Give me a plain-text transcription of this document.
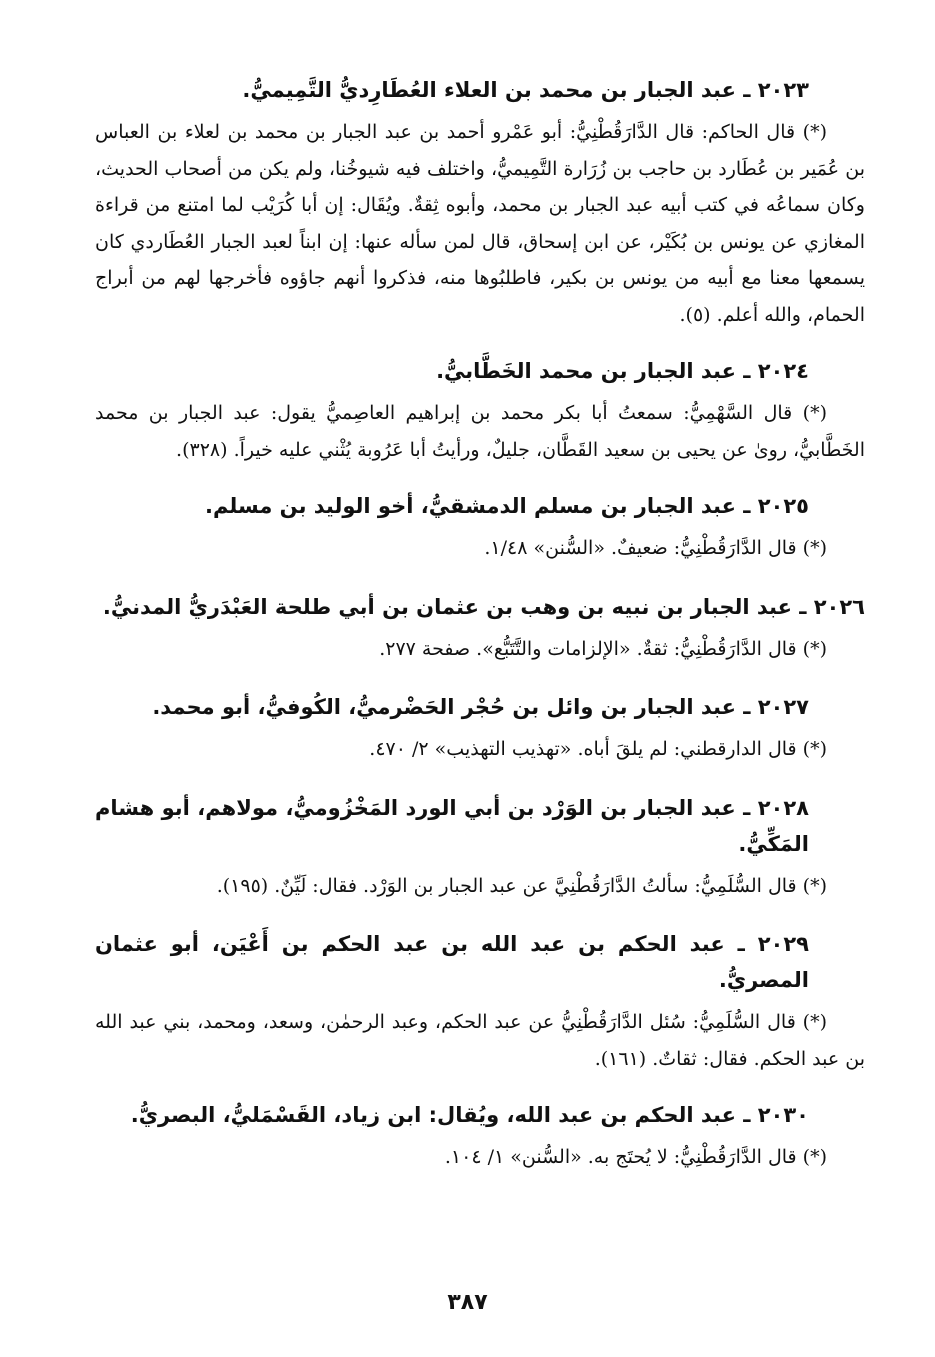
٢٠٢٣ ـ عبد الجبار بن محمد بن العلاء العُطَارِديُّ التَّمِيميُّ.

(*) قال الحاكم: قال الدَّارَقُطْنِيُّ: أبو عَمْرو أحمد بن عبد الجبار بن محمد بن لعلاء بن العباس بن عُمَير بن عُطَارد بن حاجب بن زُرَارة التَّمِيميُّ، واختلف فيه شيوخُنا، ولم يكن من أصحاب الحديث، وكان سماعُه في كتب أبيه عبد الجبار بن محمد، وأبوه ثِقةٌ. ويُقَال: إن أبا كُرَيْب لما امتنع من قراءة المغازي عن يونس بن بُكَيْر، عن ابن إسحاق، قال لمن سأله عنها: إن ابناً لعبد الجبار العُطَاردي كان يسمعها معنا مع أبيه من يونس بن بكير، فاطلبُوها منه، فذكروا أنهم جاؤوه فأخرجها لهم من أبراج الحمام، والله أعلم. (٥).

٢٠٢٤ ـ عبد الجبار بن محمد الخَطَّابيُّ.

(*) قال السَّهْمِيُّ: سمعتُ أبا بكر محمد بن إبراهيم العاصِميُّ يقول: عبد الجبار بن محمد الخَطَّابيُّ، روىٰ عن يحيى بن سعيد القَطَّان، جليلٌ، ورأيتُ أبا عَرُوبة يُثْني عليه خيراً. (٣٢٨).

٢٠٢٥ ـ عبد الجبار بن مسلم الدمشقيُّ، أخو الوليد بن مسلم.

(*) قال الدَّارَقُطْنِيُّ: ضعيفٌ. «السُّنن» ١/٤٨.

٢٠٢٦ ـ عبد الجبار بن نبيه بن وهب بن عثمان بن أبي طلحة العَبْدَريُّ المدنيُّ.

(*) قال الدَّارَقُطْنِيُّ: ثقةٌ. «الإلزامات والتَّتَبُّع». صفحة ٢٧٧.

٢٠٢٧ ـ عبد الجبار بن وائل بن حُجْر الحَضْرميُّ، الكُوفيُّ، أبو محمد.

(*) قال الدارقطني: لم يلقَ أباه. «تهذيب التهذيب» ٢/ ٤٧٠.

٢٠٢٨ ـ عبد الجبار بن الوَرْد بن أبي الورد المَخْزُوميُّ، مولاهم، أبو هشام المَكِّيُّ.

(*) قال السُّلَمِيُّ: سألتُ الدَّارَقُطْنِيَّ عن عبد الجبار بن الوَرْد. فقال: لَيِّنٌ. (١٩٥).

٢٠٢٩ ـ عبد الحكم بن عبد الله بن عبد الحكم بن أَعْيَن، أبو عثمان المصريُّ.

(*) قال السُّلَمِيُّ: سُئل الدَّارَقُطْنِيُّ عن عبد الحكم، وعبد الرحمٰن، وسعد، ومحمد، بني عبد الله بن عبد الحكم. فقال: ثقاتٌ. (١٦١).

٢٠٣٠ ـ عبد الحكم بن عبد الله، ويُقال: ابن زياد، القَسْمَليُّ، البصريُّ.

(*) قال الدَّارَقُطْنِيُّ: لا يُحتَج به. «السُّنن» ١/ ١٠٤.

٣٨٧
